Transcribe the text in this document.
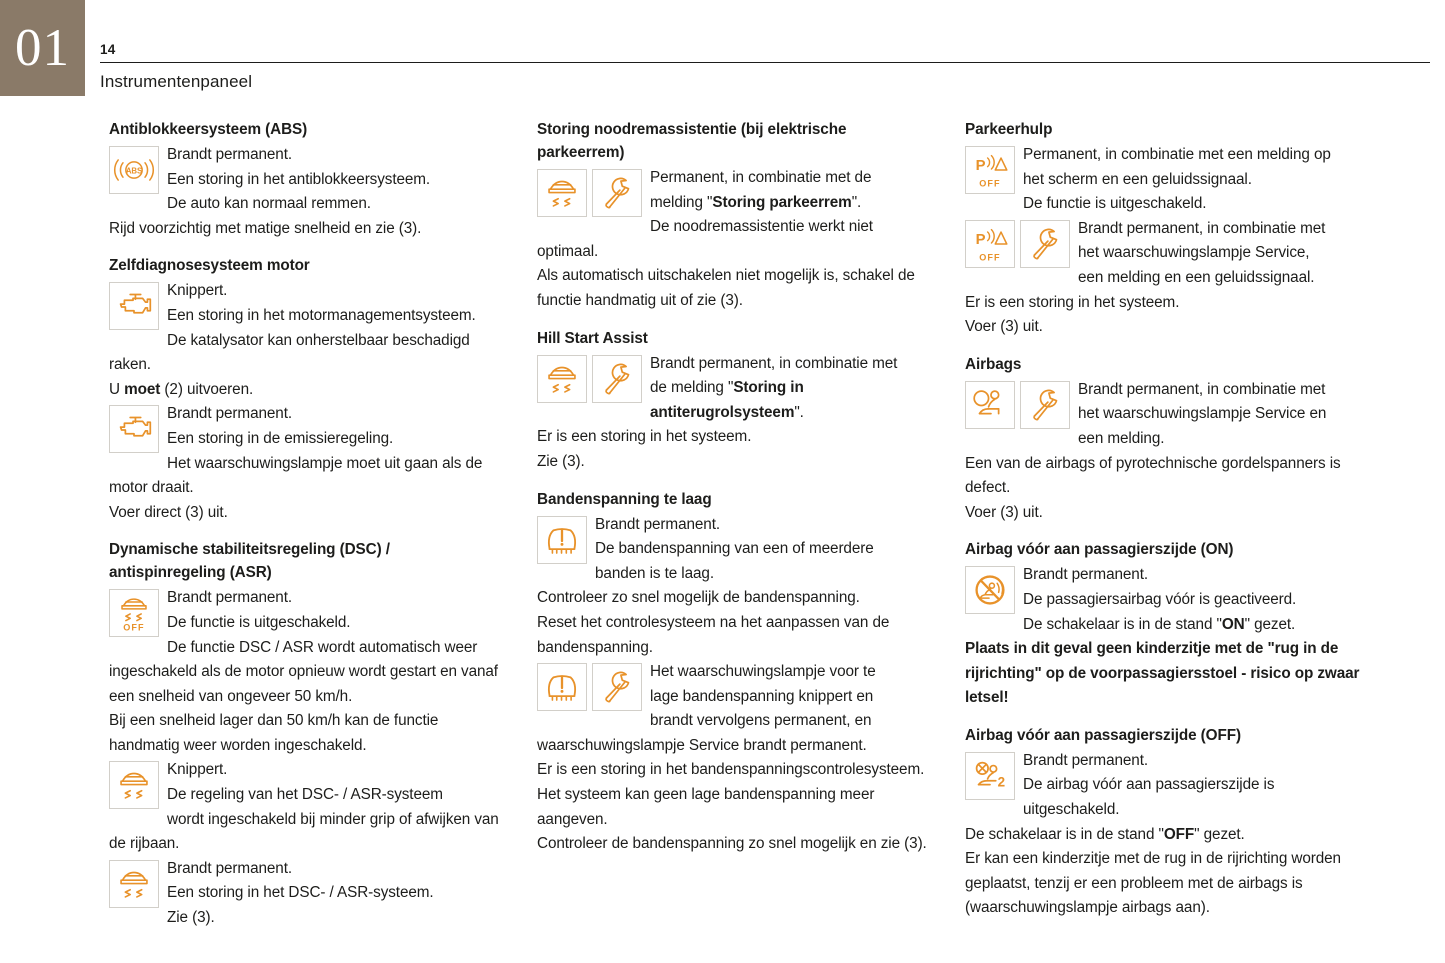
01	14
Instrumentenpaneel
Antiblokkeersysteem (ABS)
Brandt permanent.
Een storing in het antiblokkeersysteem.
De auto kan normaal remmen.
Rijd voorzichtig met matige snelheid en zie (3).
Zelfdiagnosesysteem motor
Knippert.
Een storing in het motormanagementsysteem.
De katalysator kan onherstelbaar beschadigd raken.
U moet (2) uitvoeren.
Brandt permanent.
Een storing in de emissieregeling.
Het waarschuwingslampje moet uit gaan als de motor draait.
Voer direct (3) uit.
Dynamische stabiliteitsregeling (DSC) / antispinregeling (ASR)
Brandt permanent.
De functie is uitgeschakeld.
De functie DSC / ASR wordt automatisch weer ingeschakeld als de motor opnieuw wordt gestart en vanaf een snelheid van ongeveer 50 km/h.
Bij een snelheid lager dan 50 km/h kan de functie handmatig weer worden ingeschakeld.
Knippert.
De regeling van het DSC- / ASR-systeem
wordt ingeschakeld bij minder grip of afwijken van de rijbaan.
Brandt permanent.
Een storing in het DSC- / ASR-systeem.
Zie (3).
Storing noodremassistentie (bij elektrische parkeerrem)
Permanent, in combinatie met de
melding "Storing parkeerrem".
De noodremassistentie werkt niet optimaal.
Als automatisch uitschakelen niet mogelijk is, schakel de functie handmatig uit of zie (3).
Hill Start Assist
Brandt permanent, in combinatie met
de melding "Storing in
antiterugrolsysteem".
Er is een storing in het systeem.
Zie (3).
Bandenspanning te laag
Brandt permanent.
De bandenspanning van een of meerdere
banden is te laag.
Controleer zo snel mogelijk de bandenspanning.
Reset het controlesysteem na het aanpassen van de bandenspanning.
Het waarschuwingslampje voor te
lage bandenspanning knippert en
brandt vervolgens permanent, en waarschuwingslampje Service brandt permanent.
Er is een storing in het bandenspanningscontrolesysteem.
Het systeem kan geen lage bandenspanning meer aangeven.
Controleer de bandenspanning zo snel mogelijk en zie (3).
Parkeerhulp
Permanent, in combinatie met een melding op
het scherm en een geluidssignaal.
De functie is uitgeschakeld.
Brandt permanent, in combinatie met
het waarschuwingslampje Service,
een melding en een geluidssignaal.
Er is een storing in het systeem.
Voer (3) uit.
Airbags
Brandt permanent, in combinatie met
het waarschuwingslampje Service en
een melding.
Een van de airbags of pyrotechnische gordelspanners is defect.
Voer (3) uit.
Airbag vóór aan passagierszijde (ON)
Brandt permanent.
De passagiersairbag vóór is geactiveerd.
De schakelaar is in de stand "ON" gezet.
Plaats in dit geval geen kinderzitje met de "rug in de rijrichting" op de voorpassagiersstoel - risico op zwaar letsel!
Airbag vóór aan passagierszijde (OFF)
Brandt permanent.
De airbag vóór aan passagierszijde is
uitgeschakeld.
De schakelaar is in de stand "OFF" gezet.
Er kan een kinderzitje met de rug in de rijrichting worden geplaatst, tenzij er een probleem met de airbags is (waarschuwingslampje airbags aan).
